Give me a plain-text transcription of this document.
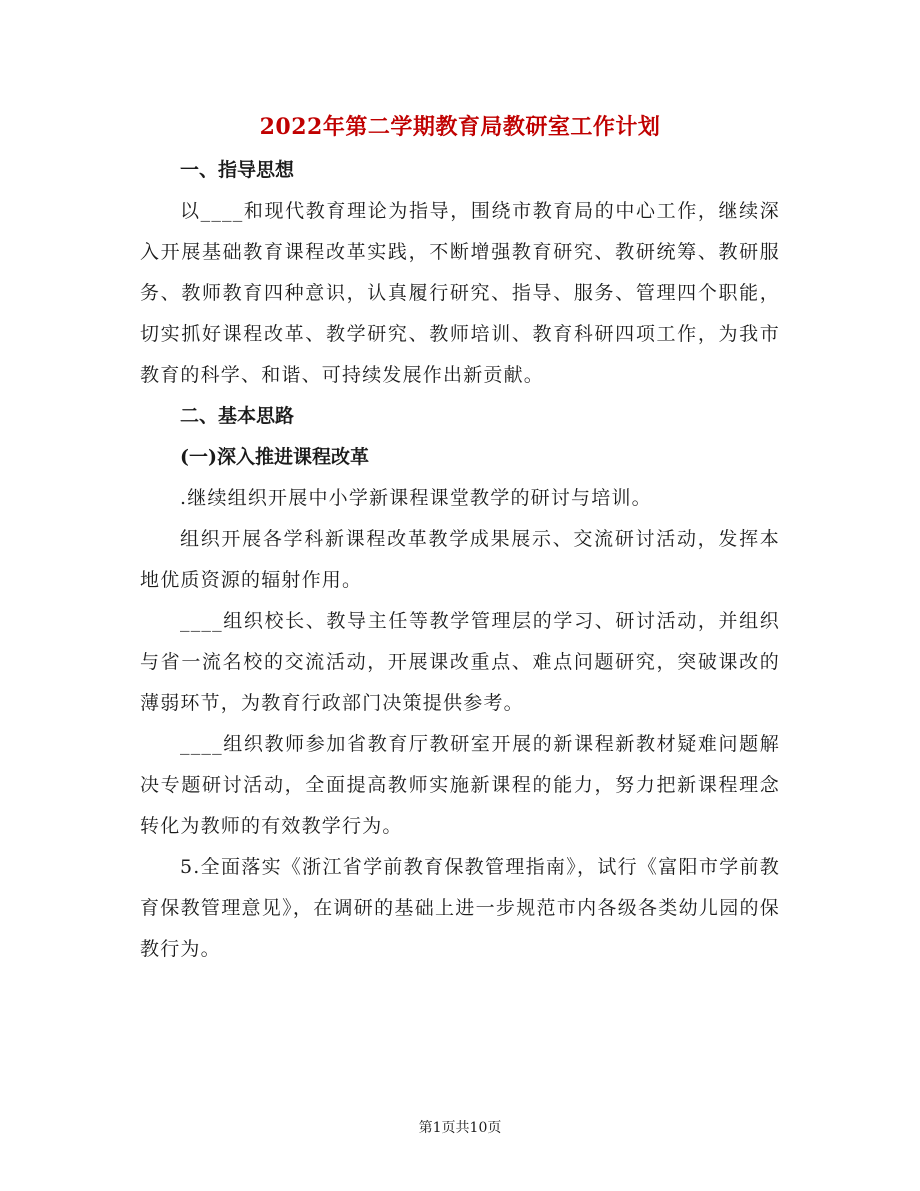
2022年第二学期教育局教研室工作计划
一、指导思想

以____和现代教育理论为指导，围绕市教育局的中心工作，继续深入开展基础教育课程改革实践，不断增强教育研究、教研统筹、教研服务、教师教育四种意识，认真履行研究、指导、服务、管理四个职能，切实抓好课程改革、教学研究、教师培训、教育科研四项工作，为我市教育的科学、和谐、可持续发展作出新贡献。

二、基本思路
(一)深入推进课程改革

.继续组织开展中小学新课程课堂教学的研讨与培训。

组织开展各学科新课程改革教学成果展示、交流研讨活动，发挥本地优质资源的辐射作用。

____组织校长、教导主任等教学管理层的学习、研讨活动，并组织与省一流名校的交流活动，开展课改重点、难点问题研究，突破课改的薄弱环节，为教育行政部门决策提供参考。

____组织教师参加省教育厅教研室开展的新课程新教材疑难问题解决专题研讨活动，全面提高教师实施新课程的能力，努力把新课程理念转化为教师的有效教学行为。

5.全面落实《浙江省学前教育保教管理指南》，试行《富阳市学前教育保教管理意见》，在调研的基础上进一步规范市内各级各类幼儿园的保教行为。

第1页共10页
